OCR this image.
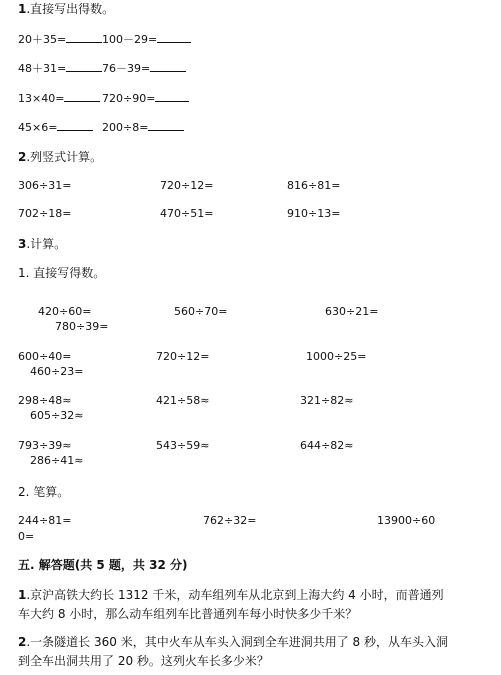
1.直接写出得数。
20＋35=	100－29=
48＋31=	76－39=
13×40=	720÷90=
45×6=	200÷8=
2.列竖式计算。
306÷31=	720÷12=	816÷81=
702÷18=	470÷51=	910÷13=
3.计算。
1. 直接写得数。
420÷60=	560÷70=	630÷21=
780÷39=
600÷40=	720÷12=	1000÷25=
460÷23=
298÷48≈	421÷58≈	321÷82≈
605÷32≈
793÷39≈	543÷59≈	644÷82≈
286÷41≈
2. 笔算。
244÷81=	762÷32=	13900÷60
0=
五. 解答题(共 5 题，共 32 分)
1.京沪高铁大约长 1312 千米，动车组列车从北京到上海大约 4 小时，而普通列车大约 8 小时，那么动车组列车比普通列车每小时快多少千米？
2.一条隧道长 360 米，其中火车从车头入洞到全车进洞共用了 8 秒，从车头入洞到全车出洞共用了 20 秒。这列火车长多少米？
